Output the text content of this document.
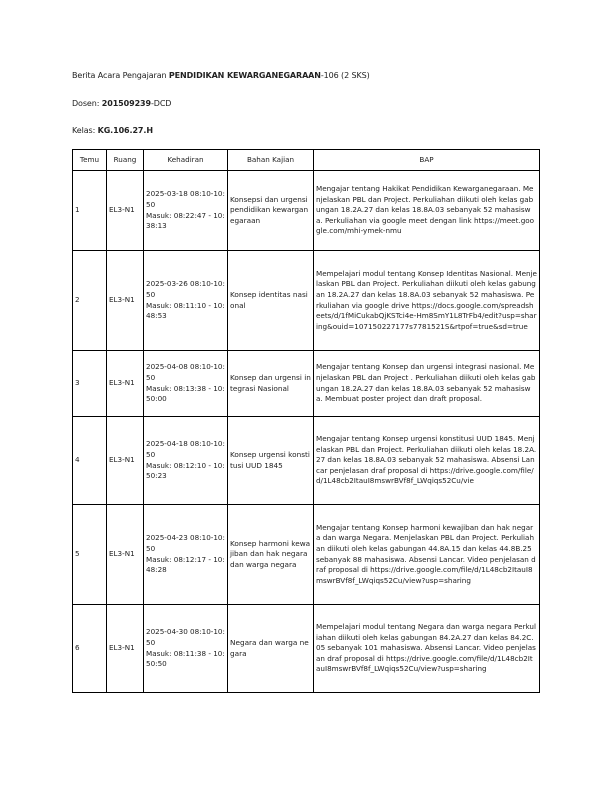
Berita Acara Pengajaran PENDIDIKAN KEWARGANEGARAAN-106 (2 SKS)
Dosen: 201509239-DCD
Kelas: KG.106.27.H
Temu	Ruang	Kehadiran	Bahan Kajian	BAP
1	EL3-N1	2025-03-18 08:10-10:50
Masuk: 08:22:47 - 10:38:13	Konsepsi dan urgensi pendidikan kewarganegaraan	Mengajar tentang Hakikat Pendidikan Kewarganegaraan. Menjelaskan PBL dan Project. Perkuliahan diikuti oleh kelas gabungan 18.2A.27 dan kelas 18.8A.03 sebanyak 52 mahasiswa. Perkuliahan via google meet dengan link https://meet.google.com/mhi-ymek-nmu
2	EL3-N1	2025-03-26 08:10-10:50
Masuk: 08:11:10 - 10:48:53	Konsep identitas nasional	Mempelajari modul tentang Konsep Identitas Nasional. Menjelaskan PBL dan Project. Perkuliahan diikuti oleh kelas gabungan 18.2A.27 dan kelas 18.8A.03 sebanyak 52 mahasiswa. Perkuliahan via google drive https://docs.google.com/spreadsheets/d/1fMiCukabQjKSTci4e-Hm8SmY1L8TrFb4/edit?usp=sharing&ouid=107150227177s7781521S&rtpof=true&sd=true
3	EL3-N1	2025-04-08 08:10-10:50
Masuk: 08:13:38 - 10:50:00	Konsep dan urgensi integrasi Nasional	Mengajar tentang Konsep dan urgensi integrasi nasional. Menjelaskan PBL dan Project . Perkuliahan diikuti oleh kelas gabungan 18.2A.27 dan kelas 18.8A.03 sebanyak 52 mahasiswa. Membuat poster project dan draft proposal.
4	EL3-N1	2025-04-18 08:10-10:50
Masuk: 08:12:10 - 10:50:23	Konsep urgensi konstitusi UUD 1845	Mengajar tentang Konsep urgensi konstitusi UUD 1845. Menjelaskan PBL dan Project. Perkuliahan diikuti oleh kelas 18.2A.27 dan kelas 18.8A.03 sebanyak 52 mahasiswa. Absensi Lancar penjelasan draf proposal di https://drive.google.com/file/d/1L48cb2ItauI8mswrBVf8f_LWqiqs52Cu/vie
5	EL3-N1	2025-04-23 08:10-10:50
Masuk: 08:12:17 - 10:48:28	Konsep harmoni kewajiban dan hak negara dan warga negara	Mengajar tentang Konsep harmoni kewajiban dan hak negara dan warga Negara. Menjelaskan PBL dan Project. Perkuliahan diikuti oleh kelas gabungan 44.8A.15 dan kelas 44.8B.25 sebanyak 88 mahasiswa. Absensi Lancar. Video penjelasan draf proposal di https://drive.google.com/file/d/1L48cb2ItauI8mswrBVf8f_LWqiqs52Cu/view?usp=sharing
6	EL3-N1	2025-04-30 08:10-10:50
Masuk: 08:11:38 - 10:50:50	Negara dan warga negara	Mempelajari modul tentang Negara dan warga negara Perkuliahan diikuti oleh kelas gabungan 84.2A.27 dan kelas 84.2C.05 sebanyak 101 mahasiswa. Absensi Lancar. Video penjelasan draf proposal di https://drive.google.com/file/d/1L48cb2ItauI8mswrBVf8f_LWqiqs52Cu/view?usp=sharing
